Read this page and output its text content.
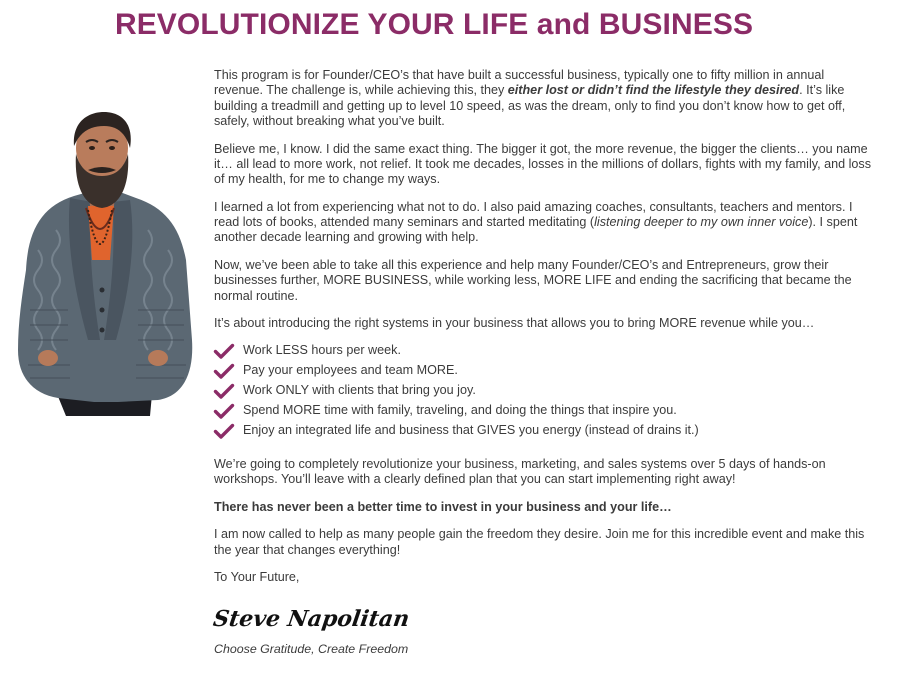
REVOLUTIONIZE YOUR LIFE and BUSINESS

This program is for Founder/CEO’s that have built a successful business, typically one to fifty million in annual revenue. The challenge is, while achieving this, they either lost or didn’t find the lifestyle they desired. It’s like building a treadmill and getting up to level 10 speed, as was the dream, only to find you don’t know how to get off, safely, without breaking what you’ve built.

Believe me, I know. I did the same exact thing. The bigger it got, the more revenue, the bigger the clients… you name it… all lead to more work, not relief. It took me decades, losses in the millions of dollars, fights with my family, and loss of my health, for me to change my ways.

I learned a lot from experiencing what not to do. I also paid amazing coaches, consultants, teachers and mentors. I read lots of books, attended many seminars and started meditating (listening deeper to my own inner voice). I spent another decade learning and growing with help.

Now, we’ve been able to take all this experience and help many Founder/CEO’s and Entrepreneurs, grow their businesses further, MORE BUSINESS, while working less, MORE LIFE and ending the sacrificing that became the normal routine.

It’s about introducing the right systems in your business that allows you to bring MORE revenue while you…

Work LESS hours per week.
Pay your employees and team MORE.
Work ONLY with clients that bring you joy.
Spend MORE time with family, traveling, and doing the things that inspire you.
Enjoy an integrated life and business that GIVES you energy (instead of drains it.)

We’re going to completely revolutionize your business, marketing, and sales systems over 5 days of hands-on workshops. You’ll leave with a clearly defined plan that you can start implementing right away!

There has never been a better time to invest in your business and your life…

I am now called to help as many people gain the freedom they desire. Join me for this incredible event and make this the year that changes everything!

To Your Future,

Steve Napolitan
Choose Gratitude, Create Freedom
